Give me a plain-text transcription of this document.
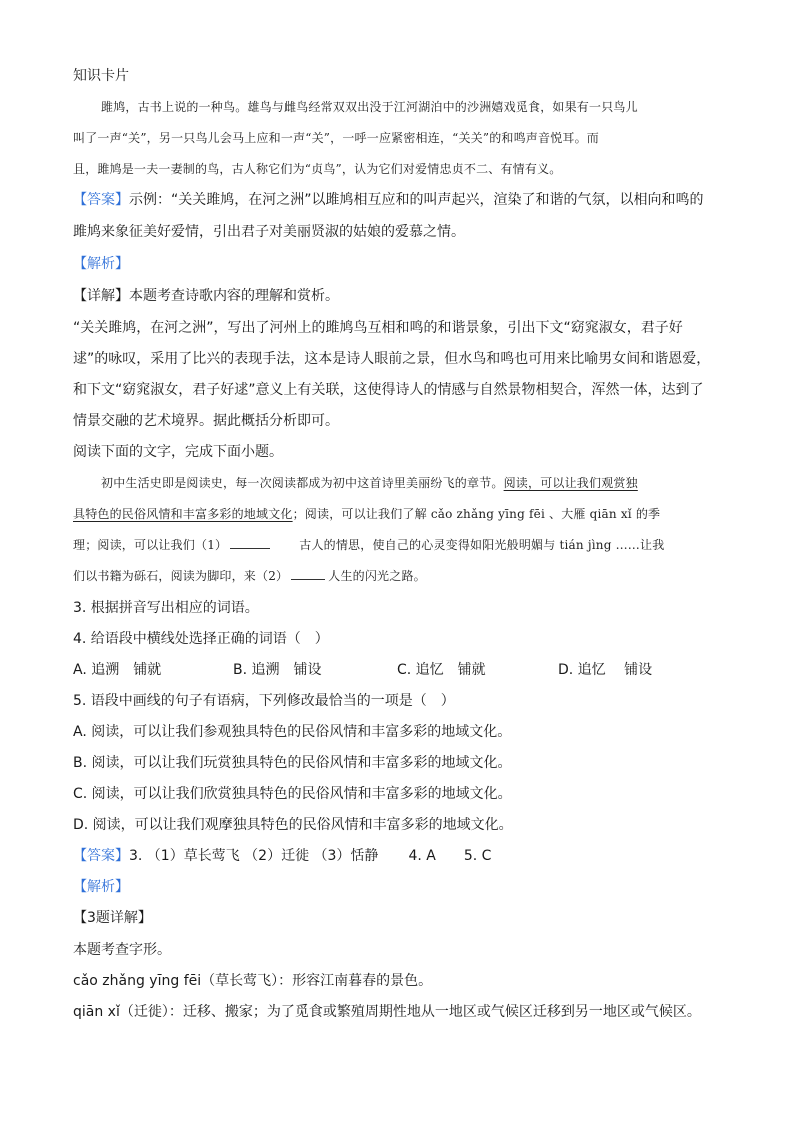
知识卡片
雎鸠，古书上说的一种鸟。雄鸟与雌鸟经常双双出没于江河湖泊中的沙洲嬉戏觅食，如果有一只鸟儿
叫了一声“关”，另一只鸟儿会马上应和一声“关”，一呼一应紧密相连，“关关”的和鸣声音悦耳。而
且，雎鸠是一夫一妻制的鸟，古人称它们为“贞鸟”，认为它们对爱情忠贞不二、有情有义。
【答案】示例：“关关雎鸠，在河之洲”以雎鸠相互应和的叫声起兴，渲染了和谐的气氛，以相向和鸣的
雎鸠来象征美好爱情，引出君子对美丽贤淑的姑娘的爱慕之情。
【解析】
【详解】本题考查诗歌内容的理解和赏析。
“关关雎鸠，在河之洲”，写出了河州上的雎鸠鸟互相和鸣的和谐景象，引出下文“窈窕淑女，君子好
逑”的咏叹，采用了比兴的表现手法，这本是诗人眼前之景，但水鸟和鸣也可用来比喻男女间和谐恩爱，
和下文“窈窕淑女，君子好逑”意义上有关联，这使得诗人的情感与自然景物相契合，浑然一体，达到了
情景交融的艺术境界。据此概括分析即可。
阅读下面的文字，完成下面小题。
初中生活史即是阅读史，每一次阅读都成为初中这首诗里美丽纷飞的章节。阅读，可以让我们观赏独
具特色的民俗风情和丰富多彩的地域文化；阅读，可以让我们了解 cǎo zhǎng yīng fēi 、大雁 qiān xǐ 的季
理；阅读，可以让我们（1）	古人的情思，使自己的心灵变得如阳光般明媚与 tián jìng ……让我
们以书籍为砾石，阅读为脚印，来（2）	人生的闪光之路。
3. 根据拼音写出相应的词语。
4. 给语段中横线处选择正确的词语（　）
A. 追溯　铺就	B. 追溯　铺设	C. 追忆　铺就	D. 追忆　 铺设
5. 语段中画线的句子有语病，下列修改最恰当的一项是（　）
A. 阅读，可以让我们参观独具特色的民俗风情和丰富多彩的地域文化。
B. 阅读，可以让我们玩赏独具特色的民俗风情和丰富多彩的地域文化。
C. 阅读，可以让我们欣赏独具特色的民俗风情和丰富多彩的地域文化。
D. 阅读，可以让我们观摩独具特色的民俗风情和丰富多彩的地域文化。
【答案】3. （1）草长莺飞 （2）迁徙 （3）恬静 4. A 5. C
【解析】
【3题详解】
本题考查字形。
cǎo zhǎng yīng fēi（草长莺飞）：形容江南暮春的景色。
qiān xǐ（迁徙）：迁移、搬家；为了觅食或繁殖周期性地从一地区或气候区迁移到另一地区或气候区。
